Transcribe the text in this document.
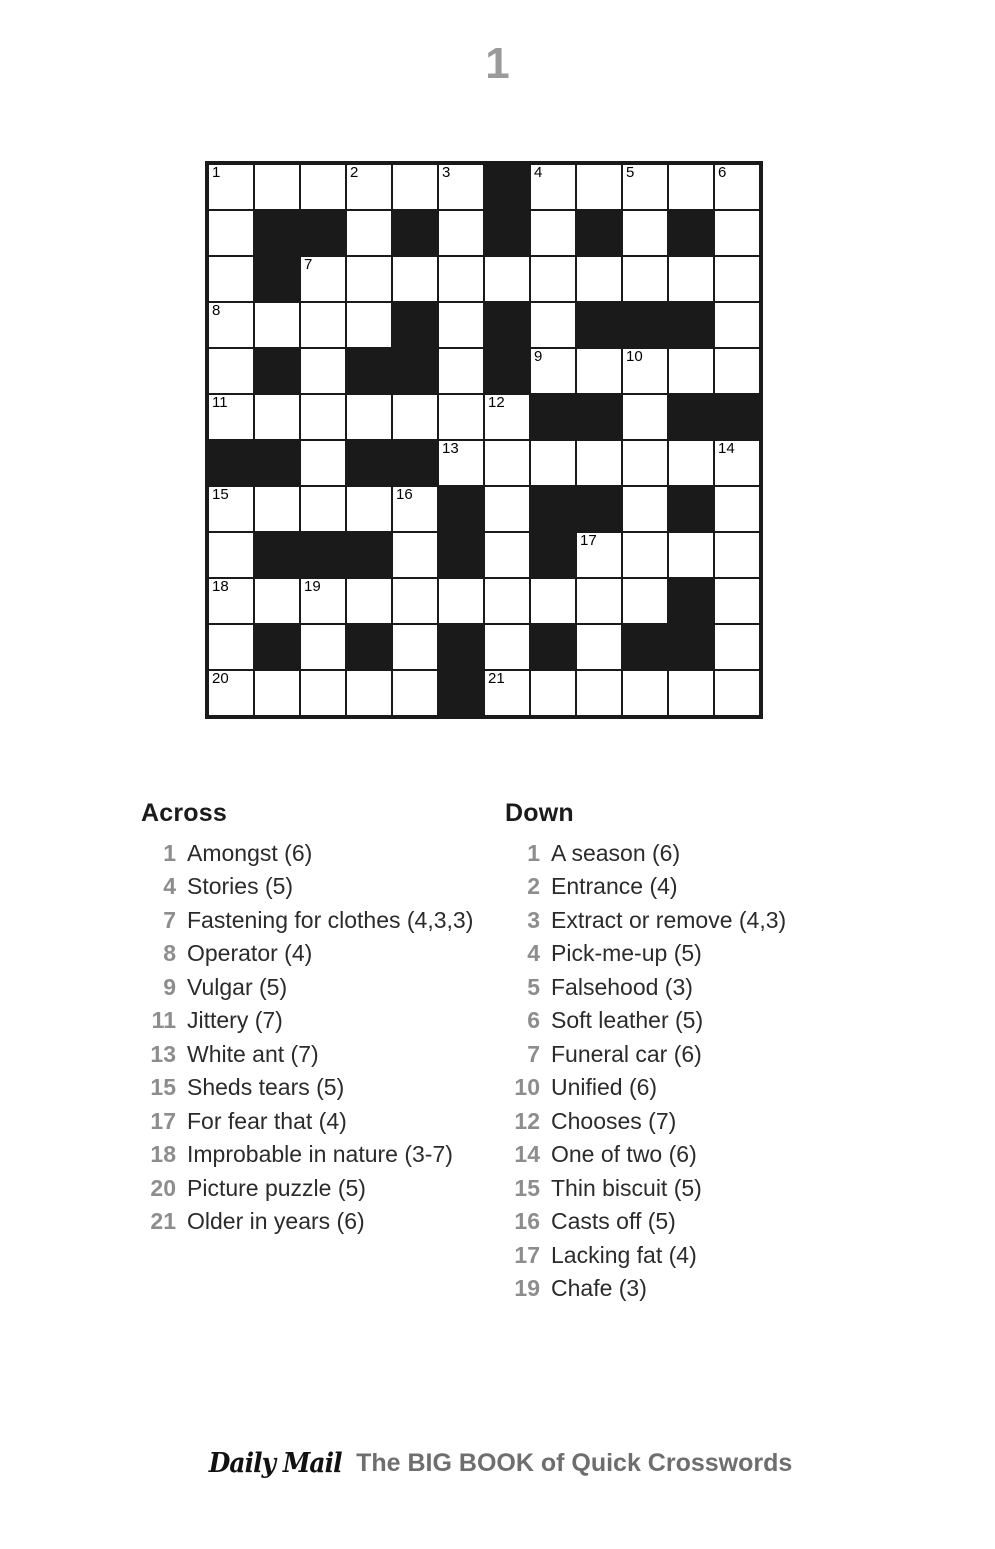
1
1			2		3		4		5		6

		7									

8											

							9		10		

11						12					

					13						14

15				16							

								17			

18		19									

20						21					

Across
1 Amongst (6)
4 Stories (5)
7 Fastening for clothes (4,3,3)
8 Operator (4)
9 Vulgar (5)
11 Jittery (7)
13 White ant (7)
15 Sheds tears (5)
17 For fear that (4)
18 Improbable in nature (3-7)
20 Picture puzzle (5)
21 Older in years (6)
Down
1 A season (6)
2 Entrance (4)
3 Extract or remove (4,3)
4 Pick-me-up (5)
5 Falsehood (3)
6 Soft leather (5)
7 Funeral car (6)
10 Unified (6)
12 Chooses (7)
14 One of two (6)
15 Thin biscuit (5)
16 Casts off (5)
17 Lacking fat (4)
19 Chafe (3)
Daily Mail The BIG BOOK of Quick Crosswords
